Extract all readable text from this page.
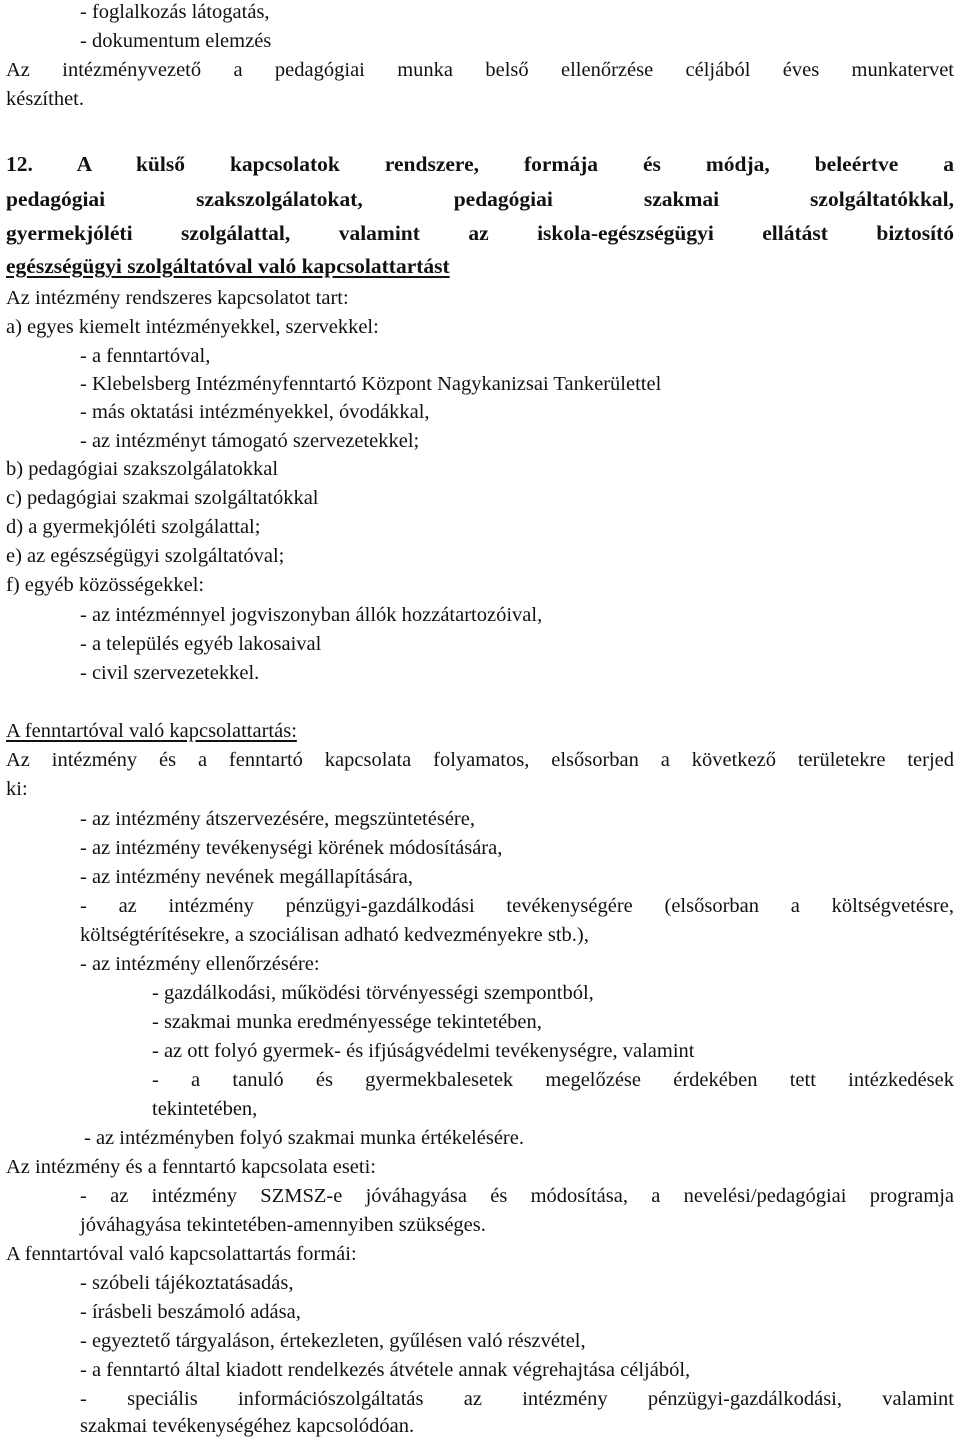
- foglalkozás látogatás,
- dokumentum elemzés
Az intézményvezető a pedagógiai munka belső ellenőrzése céljából éves munkatervet
készíthet.
12. A külső kapcsolatok rendszere, formája és módja, beleértve a
pedagógiai szakszolgálatokat, pedagógiai szakmai szolgáltatókkal,
gyermekjóléti szolgálattal, valamint az iskola-egészségügyi ellátást biztosító
egészségügyi szolgáltatóval való kapcsolattartást
Az intézmény rendszeres kapcsolatot tart:
a) egyes kiemelt intézményekkel, szervekkel:
- a fenntartóval,
- Klebelsberg Intézményfenntartó Központ Nagykanizsai Tankerülettel
- más oktatási intézményekkel, óvodákkal,
- az intézményt támogató szervezetekkel;
b) pedagógiai szakszolgálatokkal
c) pedagógiai szakmai szolgáltatókkal
d) a gyermekjóléti szolgálattal;
e) az egészségügyi szolgáltatóval;
f) egyéb közösségekkel:
- az intézménnyel jogviszonyban állók hozzátartozóival,
- a település egyéb lakosaival
- civil szervezetekkel.
A fenntartóval való kapcsolattartás:
Az intézmény és a fenntartó kapcsolata folyamatos, elsősorban a következő területekre terjed
ki:
- az intézmény átszervezésére, megszüntetésére,
- az intézmény tevékenységi körének módosítására,
- az intézmény nevének megállapítására,
- az intézmény pénzügyi-gazdálkodási tevékenységére (elsősorban a költségvetésre,
költségtérítésekre, a szociálisan adható kedvezményekre stb.),
- az intézmény ellenőrzésére:
- gazdálkodási, működési törvényességi szempontból,
- szakmai munka eredményessége tekintetében,
- az ott folyó gyermek- és ifjúságvédelmi tevékenységre, valamint
- a tanuló és gyermekbalesetek megelőzése érdekében tett intézkedések
tekintetében,
- az intézményben folyó szakmai munka értékelésére.
Az intézmény és a fenntartó kapcsolata eseti:
- az intézmény SZMSZ-e jóváhagyása és módosítása, a nevelési/pedagógiai programja
jóváhagyása tekintetében-amennyiben szükséges.
A fenntartóval való kapcsolattartás formái:
- szóbeli tájékoztatásadás,
- írásbeli beszámoló adása,
- egyeztető tárgyaláson, értekezleten, gyűlésen való részvétel,
- a fenntartó által kiadott rendelkezés átvétele annak végrehajtása céljából,
- speciális információszolgáltatás az intézmény pénzügyi-gazdálkodási, valamint
szakmai tevékenységéhez kapcsolódóan.
